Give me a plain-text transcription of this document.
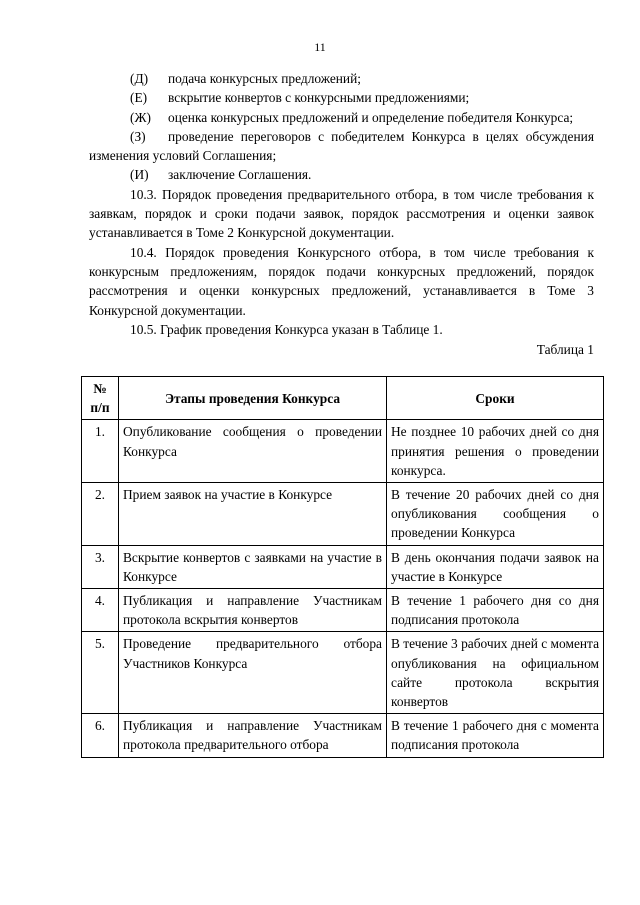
11
(Д)	подача конкурсных предложений;
(Е)	вскрытие конвертов с конкурсными предложениями;
(Ж) оценка конкурсных предложений и определение победителя Конкурса;
(З) проведение переговоров с победителем Конкурса в целях обсуждения изменения условий Соглашения;
(И)	заключение Соглашения.
10.3. Порядок проведения предварительного отбора, в том числе требования к заявкам, порядок и сроки подачи заявок, порядок рассмотрения и оценки заявок устанавливается в Томе 2 Конкурсной документации.
10.4. Порядок проведения Конкурсного отбора, в том числе требования к конкурсным предложениям, порядок подачи конкурсных предложений, порядок рассмотрения и оценки конкурсных предложений, устанавливается в Томе 3 Конкурсной документации.
10.5. График проведения Конкурса указан в Таблице 1.
Таблица 1
№ п/п	Этапы проведения Конкурса	Сроки
1.	Опубликование сообщения о проведении Конкурса	Не позднее 10 рабочих дней со дня принятия решения о проведении конкурса.
2.	Прием заявок на участие в Конкурсе	В течение 20 рабочих дней со дня опубликования сообщения о проведении Конкурса
3.	Вскрытие конвертов с заявками на участие в Конкурсе	В день окончания подачи заявок на участие в Конкурсе
4.	Публикация и направление Участникам протокола вскрытия конвертов	В течение 1 рабочего дня со дня подписания протокола
5.	Проведение предварительного отбора Участников Конкурса	В течение 3 рабочих дней с момента опубликования на официальном сайте протокола вскрытия конвертов
6.	Публикация и направление Участникам протокола предварительного отбора	В течение 1 рабочего дня с момента подписания протокола
